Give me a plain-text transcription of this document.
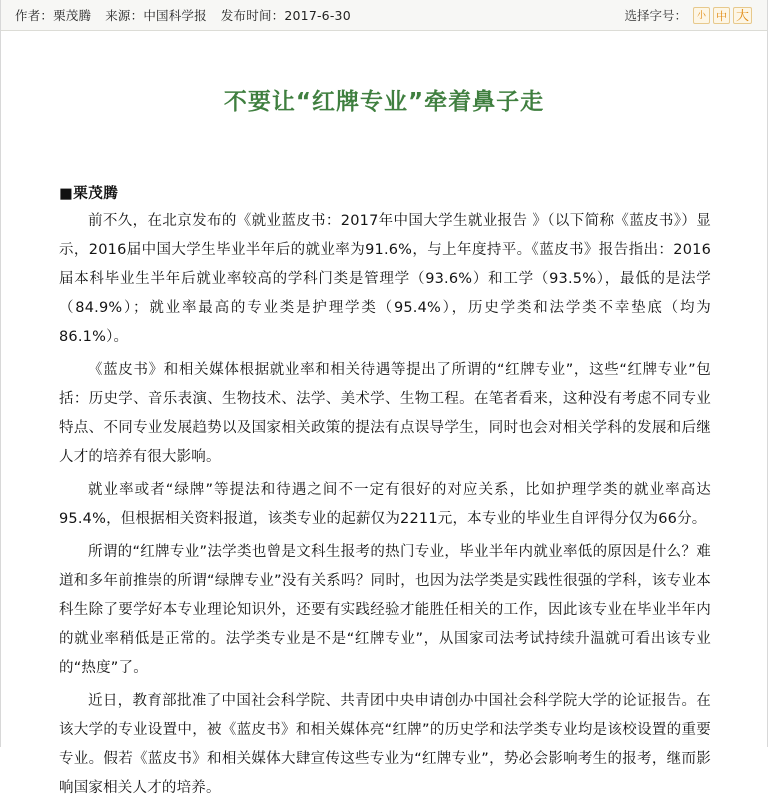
作者：栗茂腾 来源：中国科学报 发布时间：2017-6-30	选择字号：	小 中 大
不要让“红牌专业”牵着鼻子走
■栗茂腾

前不久，在北京发布的《就业蓝皮书：2017年中国大学生就业报告 》（以下简称《蓝皮书》）显示，2016届中国大学生毕业半年后的就业率为91.6%，与上年度持平。《蓝皮书》报告指出：2016届本科毕业生半年后就业率较高的学科门类是管理学（93.6%）和工学（93.5%），最低的是法学（84.9%）；就业率最高的专业类是护理学类（95.4%），历史学类和法学类不幸垫底（均为86.1%）。

《蓝皮书》和相关媒体根据就业率和相关待遇等提出了所谓的“红牌专业”，这些“红牌专业”包括：历史学、音乐表演、生物技术、法学、美术学、生物工程。在笔者看来，这种没有考虑不同专业特点、不同专业发展趋势以及国家相关政策的提法有点误导学生，同时也会对相关学科的发展和后继人才的培养有很大影响。

就业率或者“绿牌”等提法和待遇之间不一定有很好的对应关系，比如护理学类的就业率高达95.4%，但根据相关资料报道，该类专业的起薪仅为2211元，本专业的毕业生自评得分仅为66分。

所谓的“红牌专业”法学类也曾是文科生报考的热门专业，毕业半年内就业率低的原因是什么？难道和多年前推崇的所谓“绿牌专业”没有关系吗？同时，也因为法学类是实践性很强的学科，该专业本科生除了要学好本专业理论知识外，还要有实践经验才能胜任相关的工作，因此该专业在毕业半年内的就业率稍低是正常的。法学类专业是不是“红牌专业”，从国家司法考试持续升温就可看出该专业的“热度”了。

近日，教育部批准了中国社会科学院、共青团中央申请创办中国社会科学院大学的论证报告。在该大学的专业设置中，被《蓝皮书》和相关媒体亮“红牌”的历史学和法学类专业均是该校设置的重要专业。假若《蓝皮书》和相关媒体大肆宣传这些专业为“红牌专业”，势必会影响考生的报考，继而影响国家相关人才的培养。
